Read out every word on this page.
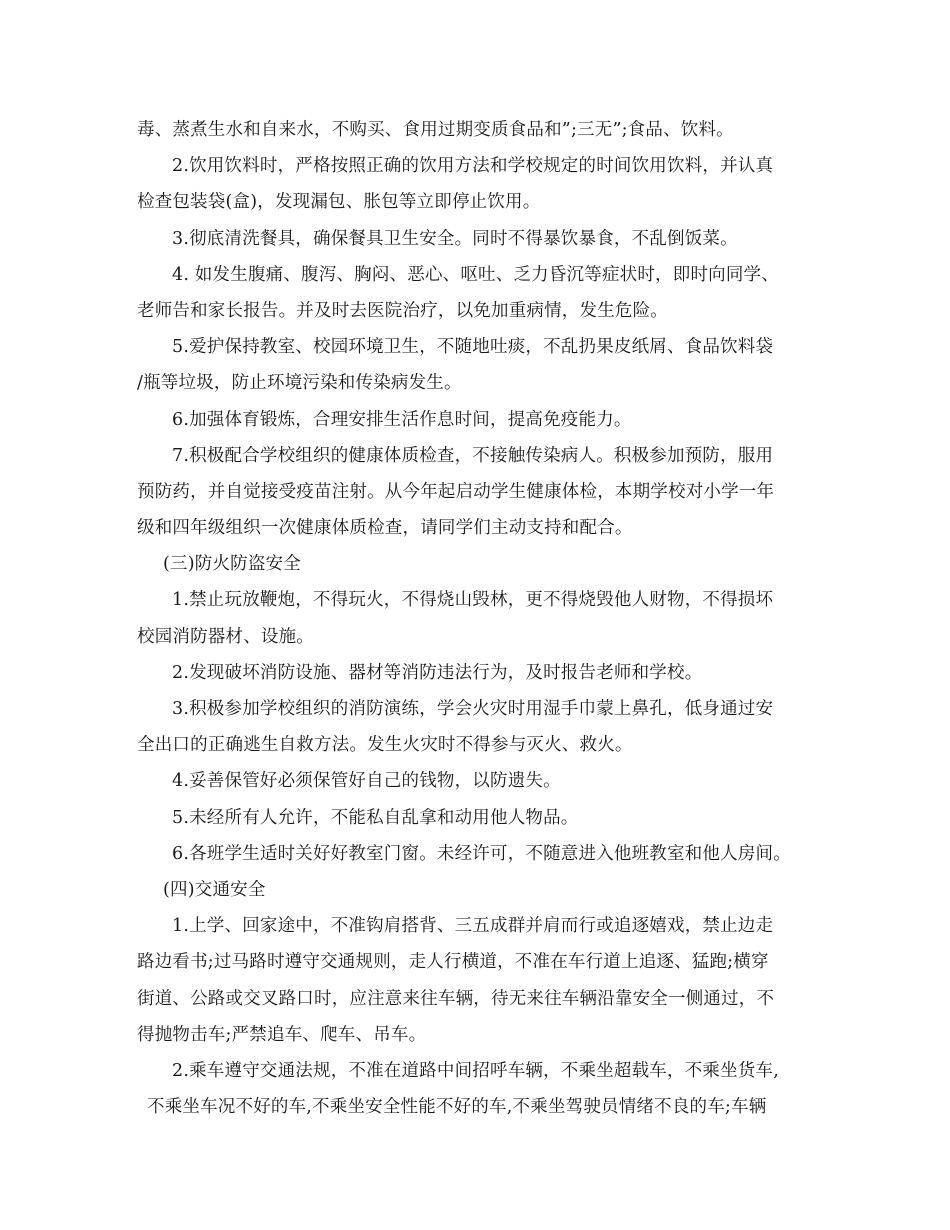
毒、蒸煮生水和自来水，不购买、食用过期变质食品和”;三无”;食品、饮料。
2.饮用饮料时，严格按照正确的饮用方法和学校规定的时间饮用饮料，并认真
检查包装袋(盒)，发现漏包、胀包等立即停止饮用。
3.彻底清洗餐具，确保餐具卫生安全。同时不得暴饮暴食，不乱倒饭菜。
4. 如发生腹痛、腹泻、胸闷、恶心、呕吐、乏力昏沉等症状时，即时向同学、
老师告和家长报告。并及时去医院治疗，以免加重病情，发生危险。
5.爱护保持教室、校园环境卫生，不随地吐痰，不乱扔果皮纸屑、食品饮料袋
/瓶等垃圾，防止环境污染和传染病发生。
6.加强体育锻炼，合理安排生活作息时间，提高免疫能力。
7.积极配合学校组织的健康体质检查，不接触传染病人。积极参加预防，服用
预防药，并自觉接受疫苗注射。从今年起启动学生健康体检，本期学校对小学一年
级和四年级组织一次健康体质检查，请同学们主动支持和配合。
(三)防火防盗安全
1.禁止玩放鞭炮，不得玩火，不得烧山毁林，更不得烧毁他人财物，不得损坏
校园消防器材、设施。
2.发现破坏消防设施、器材等消防违法行为，及时报告老师和学校。
3.积极参加学校组织的消防演练，学会火灾时用湿手巾蒙上鼻孔，低身通过安
全出口的正确逃生自救方法。发生火灾时不得参与灭火、救火。
4.妥善保管好必须保管好自己的钱物，以防遗失。
5.未经所有人允许，不能私自乱拿和动用他人物品。
6.各班学生适时关好好教室门窗。未经许可，不随意进入他班教室和他人房间。
(四)交通安全
1.上学、回家途中，不准钩肩搭背、三五成群并肩而行或追逐嬉戏，禁止边走
路边看书;过马路时遵守交通规则，走人行横道，不准在车行道上追逐、猛跑;横穿
街道、公路或交叉路口时，应注意来往车辆，待无来往车辆沿靠安全一侧通过，不
得抛物击车;严禁追车、爬车、吊车。
2.乘车遵守交通法规，不准在道路中间招呼车辆，不乘坐超载车，不乘坐货车,
不乘坐车况不好的车,不乘坐安全性能不好的车,不乘坐驾驶员情绪不良的车;车辆
